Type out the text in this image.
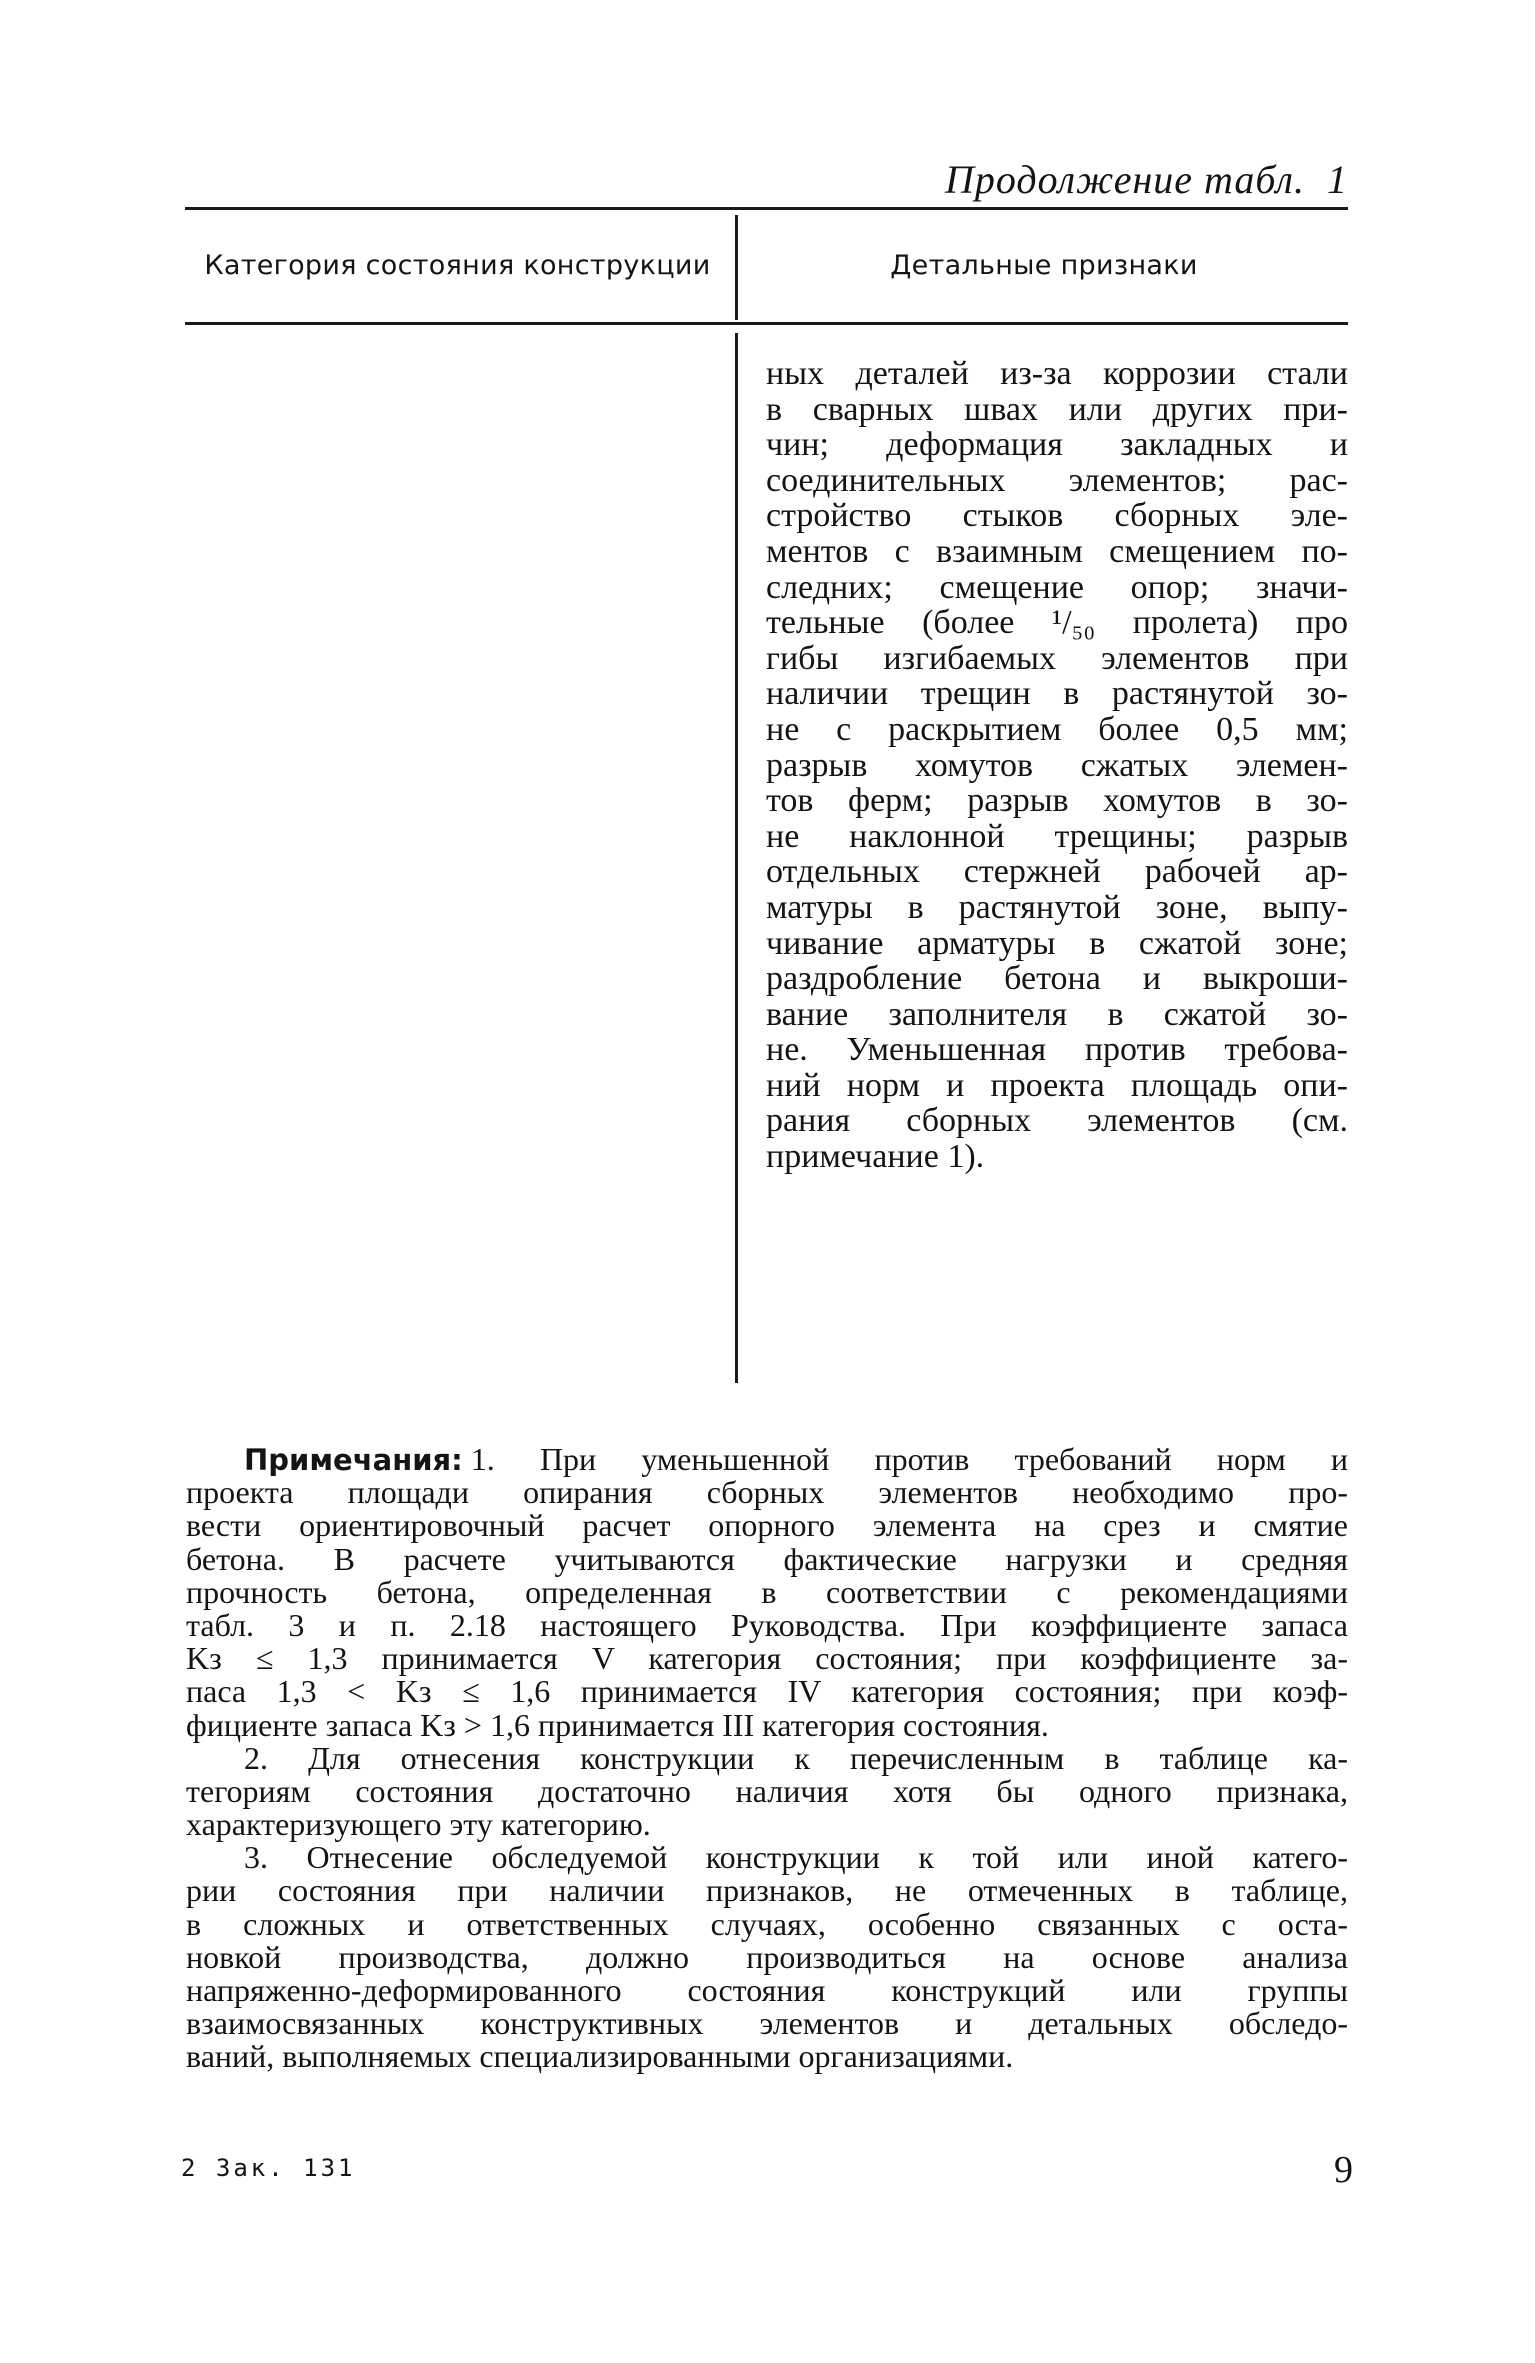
Продолжение табл. 1
Категория состояния конструкции	Детальные признаки
ных деталей из-за коррозии стали
в сварных швах или других при-
чин; деформация закладных и
соединительных элементов; рас-
стройство стыков сборных эле-
ментов с взаимным смещением по-
следних; смещение опор; значи-
тельные (более ¹/₅₀ пролета) про
гибы изгибаемых элементов при
наличии трещин в растянутой зо-
не с раскрытием более 0,5 мм;
разрыв хомутов сжатых элемен-
тов ферм; разрыв хомутов в зо-
не наклонной трещины; разрыв
отдельных стержней рабочей ар-
матуры в растянутой зоне, выпу-
чивание арматуры в сжатой зоне;
раздробление бетона и выкроши-
вание заполнителя в сжатой зо-
не. Уменьшенная против требова-
ний норм и проекта площадь опи-
рания сборных элементов (см.
примечание 1).
Примечания: 1. При уменьшенной против требований норм и
проекта площади опирания сборных элементов необходимо про-
вести ориентировочный расчет опорного элемента на срез и смятие
бетона. В расчете учитываются фактические нагрузки и средняя
прочность бетона, определенная в соответствии с рекомендациями
табл. 3 и п. 2.18 настоящего Руководства. При коэффициенте запаса
Kз ≤ 1,3 принимается V категория состояния; при коэффициенте за-
паса 1,3 < Kз ≤ 1,6 принимается IV категория состояния; при коэф-
фициенте запаса Kз > 1,6 принимается III категория состояния.
2. Для отнесения конструкции к перечисленным в таблице ка-
тегориям состояния достаточно наличия хотя бы одного признака,
характеризующего эту категорию.
3. Отнесение обследуемой конструкции к той или иной катего-
рии состояния при наличии признаков, не отмеченных в таблице,
в сложных и ответственных случаях, особенно связанных с оста-
новкой производства, должно производиться на основе анализа
напряженно-деформированного состояния конструкций или группы
взаимосвязанных конструктивных элементов и детальных обследо-
ваний, выполняемых специализированными организациями.
2 Зак. 131	9
